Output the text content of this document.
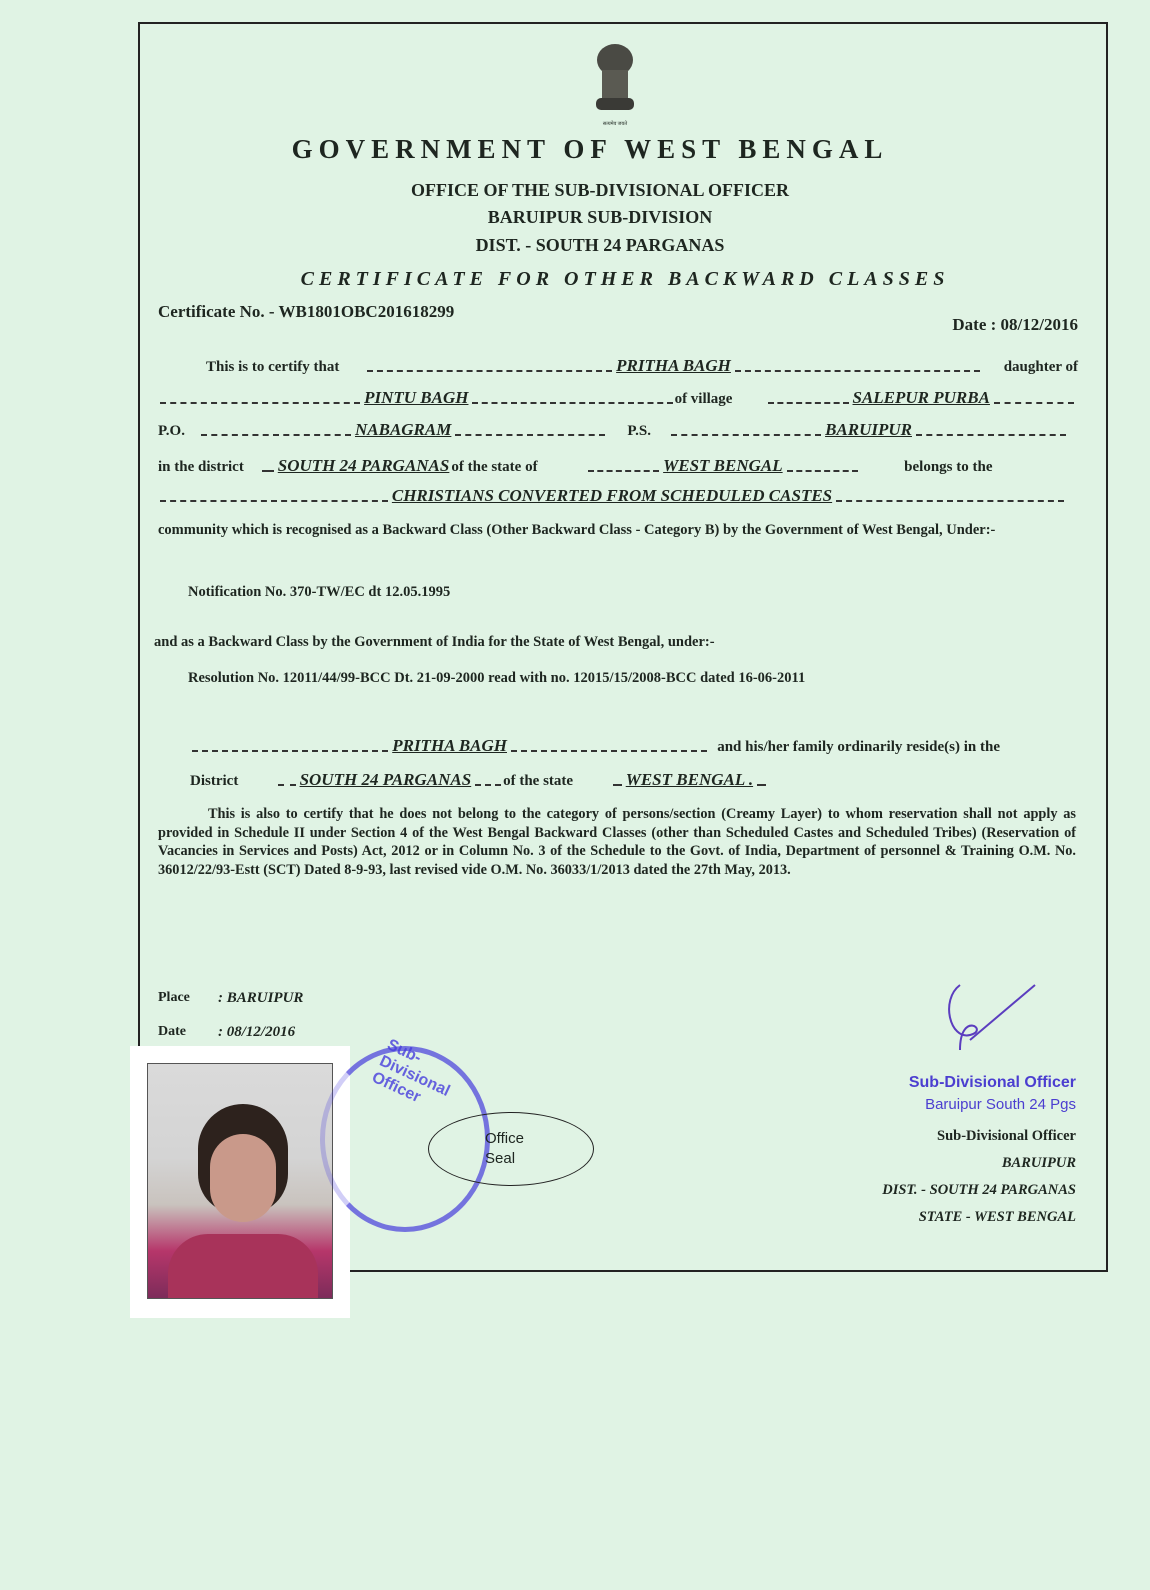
सत्यमेव जयते
GOVERNMENT OF WEST BENGAL
OFFICE OF THE SUB-DIVISIONAL OFFICER
BARUIPUR SUB-DIVISION
DIST. - SOUTH 24 PARGANAS
CERTIFICATE FOR OTHER BACKWARD CLASSES
Certificate No. - WB1801OBC201618299
Date : 08/12/2016
This is to certify that	PRITHA BAGH	daughter of
PINTU BAGH	of village	SALEPUR PURBA
P.O.	NABAGRAM	P.S.	BARUIPUR
in the district SOUTH 24 PARGANAS of the state of	WEST BENGAL	belongs to the
CHRISTIANS CONVERTED FROM SCHEDULED CASTES
community which is recognised as a Backward Class (Other Backward Class - Category B) by the Government of West Bengal, Under:-
Notification No. 370-TW/EC dt 12.05.1995
and as a Backward Class by the Government of India for the State of West Bengal, under:-
Resolution No. 12011/44/99-BCC Dt. 21-09-2000 read with no. 12015/15/2008-BCC dated 16-06-2011
PRITHA BAGH	and his/her family ordinarily reside(s) in the
District	SOUTH 24 PARGANAS of the state	WEST BENGAL .
This is also to certify that he does not belong to the category of persons/section (Creamy Layer) to whom reservation shall not apply as provided in Schedule II under Section 4 of the West Bengal Backward Classes (other than Scheduled Castes and Scheduled Tribes) (Reservation of Vacancies in Services and Posts) Act, 2012 or in Column No. 3 of the Schedule to the Govt. of India, Department of personnel & Training O.M. No. 36012/22/93-Estt (SCT) Dated 8-9-93, last revised vide O.M. No. 36033/1/2013 dated the 27th May, 2013.
Place : BARUIPUR
Date : 08/12/2016
Sub-Divisional Officer
Office
Seal
Sub-Divisional Officer
Baruipur South 24 Pgs
Sub-Divisional Officer
BARUIPUR
DIST. - SOUTH 24 PARGANAS
STATE - WEST BENGAL
